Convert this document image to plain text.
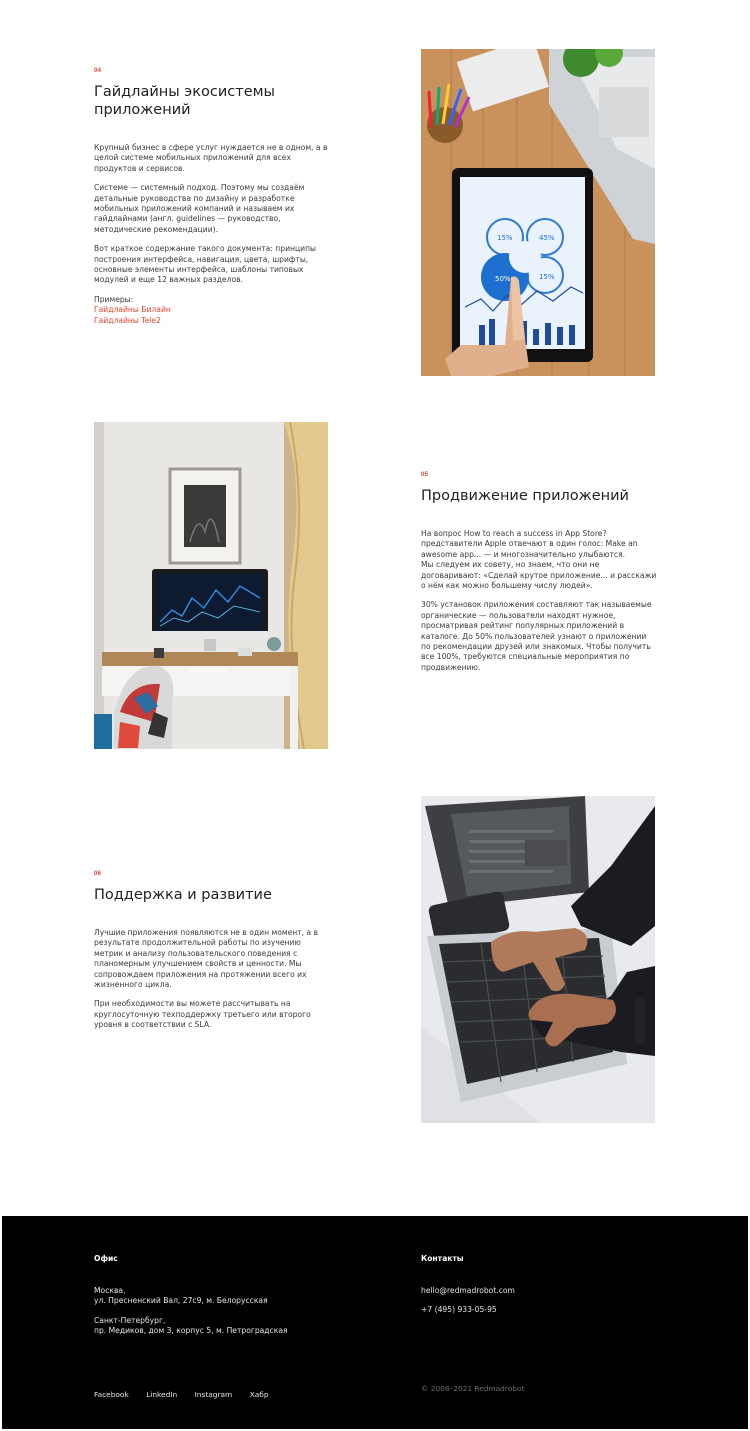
04
Гайдлайны экосистемы
приложений
Крупный бизнес в сфере услуг нуждается не в одном, а в целой системе мобильных приложений для всех продуктов и сервисов.
Системе — системный подход. Поэтому мы создаём детальные руководства по дизайну и разработке мобильных приложений компаний и называем их гайдлайнами (англ. guidelines — руководство, методические рекомендации).
Вот краткое содержание такого документа: принципы построения интерфейса, навигация, цвета, шрифты, основные элементы интерфейса, шаблоны типовых модулей и еще 12 важных разделов.
Примеры:
Гайдлайны Билайн
Гайдлайны Tele2
15%	45%
50%	15%
05
Продвижение приложений
На вопрос How to reach a success in App Store? представители Apple отвечают в один голос: Make an awesome app... — и многозначительно улыбаются.
Мы следуем их совету, но знаем, что они не договаривают: «Сделай крутое приложение... и расскажи о нём как можно большему числу людей».
30% установок приложения составляют так называемые органические — пользователи находят нужное, просматривая рейтинг популярных приложений в каталоге. До 50% пользователей узнают о приложении по рекомендации друзей или знакомых. Чтобы получить все 100%, требуются специальные мероприятия по продвижению.
06
Поддержка и развитие
Лучшие приложения появляются не в один момент, а в результате продолжительной работы по изучению метрик и анализу пользовательского поведения с планомерным улучшением свойств и ценности. Мы сопровождаем приложения на протяжении всего их жизненного цикла.
При необходимости вы можете рассчитывать на круглосуточную техподдержку третьего или второго уровня в соответствии с SLA.
Офис
Москва,
ул. Пресненский Вал, 27с9, м. Белорусская
Санкт-Петербург,
пр. Медиков, дом 3, корпус 5, м. Петроградская
Контакты
hello@redmadrobot.com
+7 (495) 933-05-95
Facebook LinkedIn Instagram Хабр
© 2008–2021 Redmadrobot
